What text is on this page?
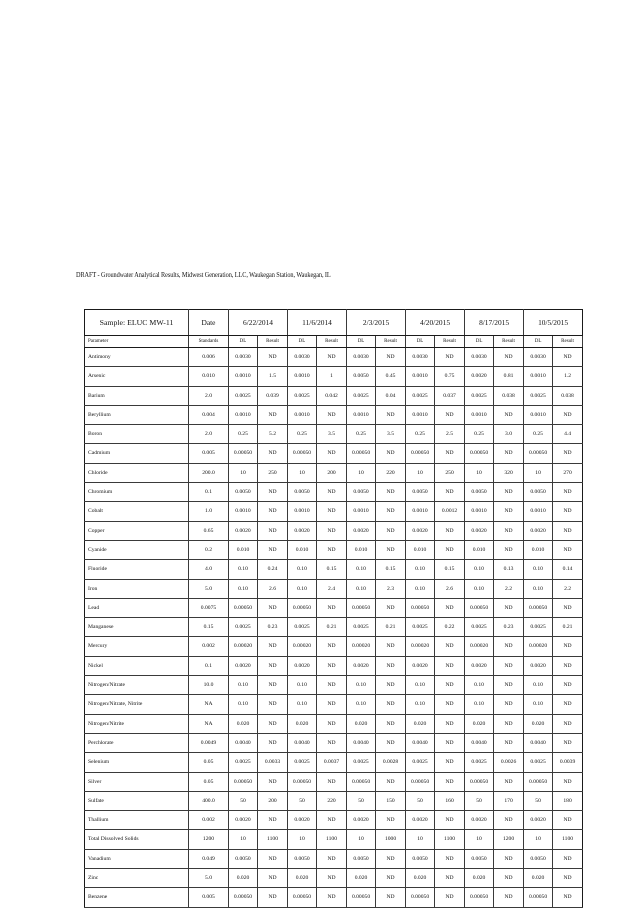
DRAFT - Groundwater Analytical Results, Midwest Generation, LLC, Waukegan Station, Waukegan, IL
Sample: ELUC MW-11	Date	6/22/2014		11/6/2014		2/3/2015		4/20/2015		8/17/2015		10/5/2015	
Parameter	Standards	DL	Result	DL	Result	DL	Result	DL	Result	DL	Result	DL	Result
Antimony	0.006	0.0030	ND	0.0030	ND	0.0030	ND	0.0030	ND	0.0030	ND	0.0030	ND
Arsenic	0.010	0.0010	1.5	0.0010	1	0.0050	0.45	0.0010	0.75	0.0020	0.81	0.0010	1.2
Barium	2.0	0.0025	0.039	0.0025	0.042	0.0025	0.04	0.0025	0.037	0.0025	0.038	0.0025	0.038
Beryllium	0.004	0.0010	ND	0.0010	ND	0.0010	ND	0.0010	ND	0.0010	ND	0.0010	ND
Boron	2.0	0.25	5.2	0.25	3.5	0.25	3.5	0.25	2.5	0.25	3.0	0.25	4.4
Cadmium	0.005	0.00050	ND	0.00050	ND	0.00050	ND	0.00050	ND	0.00050	ND	0.00050	ND
Chloride	200.0	10	250	10	200	10	220	10	250	10	320	10	270
Chromium	0.1	0.0050	ND	0.0050	ND	0.0050	ND	0.0050	ND	0.0050	ND	0.0050	ND
Cobalt	1.0	0.0010	ND	0.0010	ND	0.0010	ND	0.0010	0.0012	0.0010	ND	0.0010	ND
Copper	0.65	0.0020	ND	0.0020	ND	0.0020	ND	0.0020	ND	0.0020	ND	0.0020	ND
Cyanide	0.2	0.010	ND	0.010	ND	0.010	ND	0.010	ND	0.010	ND	0.010	ND
Fluoride	4.0	0.10	0.24	0.10	0.15	0.10	0.15	0.10	0.15	0.10	0.13	0.10	0.14
Iron	5.0	0.10	2.6	0.10	2.4	0.10	2.3	0.10	2.6	0.10	2.2	0.10	2.2
Lead	0.0075	0.00050	ND	0.00050	ND	0.00050	ND	0.00050	ND	0.00050	ND	0.00050	ND
Manganese	0.15	0.0025	0.23	0.0025	0.21	0.0025	0.21	0.0025	0.22	0.0025	0.23	0.0025	0.21
Mercury	0.002	0.00020	ND	0.00020	ND	0.00020	ND	0.00020	ND	0.00020	ND	0.00020	ND
Nickel	0.1	0.0020	ND	0.0020	ND	0.0020	ND	0.0020	ND	0.0020	ND	0.0020	ND
Nitrogen/Nitrate	10.0	0.10	ND	0.10	ND	0.10	ND	0.10	ND	0.10	ND	0.10	ND
Nitrogen/Nitrate, Nitrite	NA	0.10	ND	0.10	ND	0.10	ND	0.10	ND	0.10	ND	0.10	ND
Nitrogen/Nitrite	NA	0.020	ND	0.020	ND	0.020	ND	0.020	ND	0.020	ND	0.020	ND
Perchlorate	0.0049	0.0040	ND	0.0040	ND	0.0040	ND	0.0040	ND	0.0040	ND	0.0040	ND
Selenium	0.05	0.0025	0.0033	0.0025	0.0037	0.0025	0.0028	0.0025	ND	0.0025	0.0026	0.0025	0.0039
Silver	0.05	0.00050	ND	0.00050	ND	0.00050	ND	0.00050	ND	0.00050	ND	0.00050	ND
Sulfate	400.0	50	200	50	220	50	150	50	160	50	170	50	180
Thallium	0.002	0.0020	ND	0.0020	ND	0.0020	ND	0.0020	ND	0.0020	ND	0.0020	ND
Total Dissolved Solids	1200	10	1100	10	1100	10	1000	10	1100	10	1200	10	1100
Vanadium	0.049	0.0050	ND	0.0050	ND	0.0050	ND	0.0050	ND	0.0050	ND	0.0050	ND
Zinc	5.0	0.020	ND	0.020	ND	0.020	ND	0.020	ND	0.020	ND	0.020	ND
Benzene	0.005	0.00050	ND	0.00050	ND	0.00050	ND	0.00050	ND	0.00050	ND	0.00050	ND
